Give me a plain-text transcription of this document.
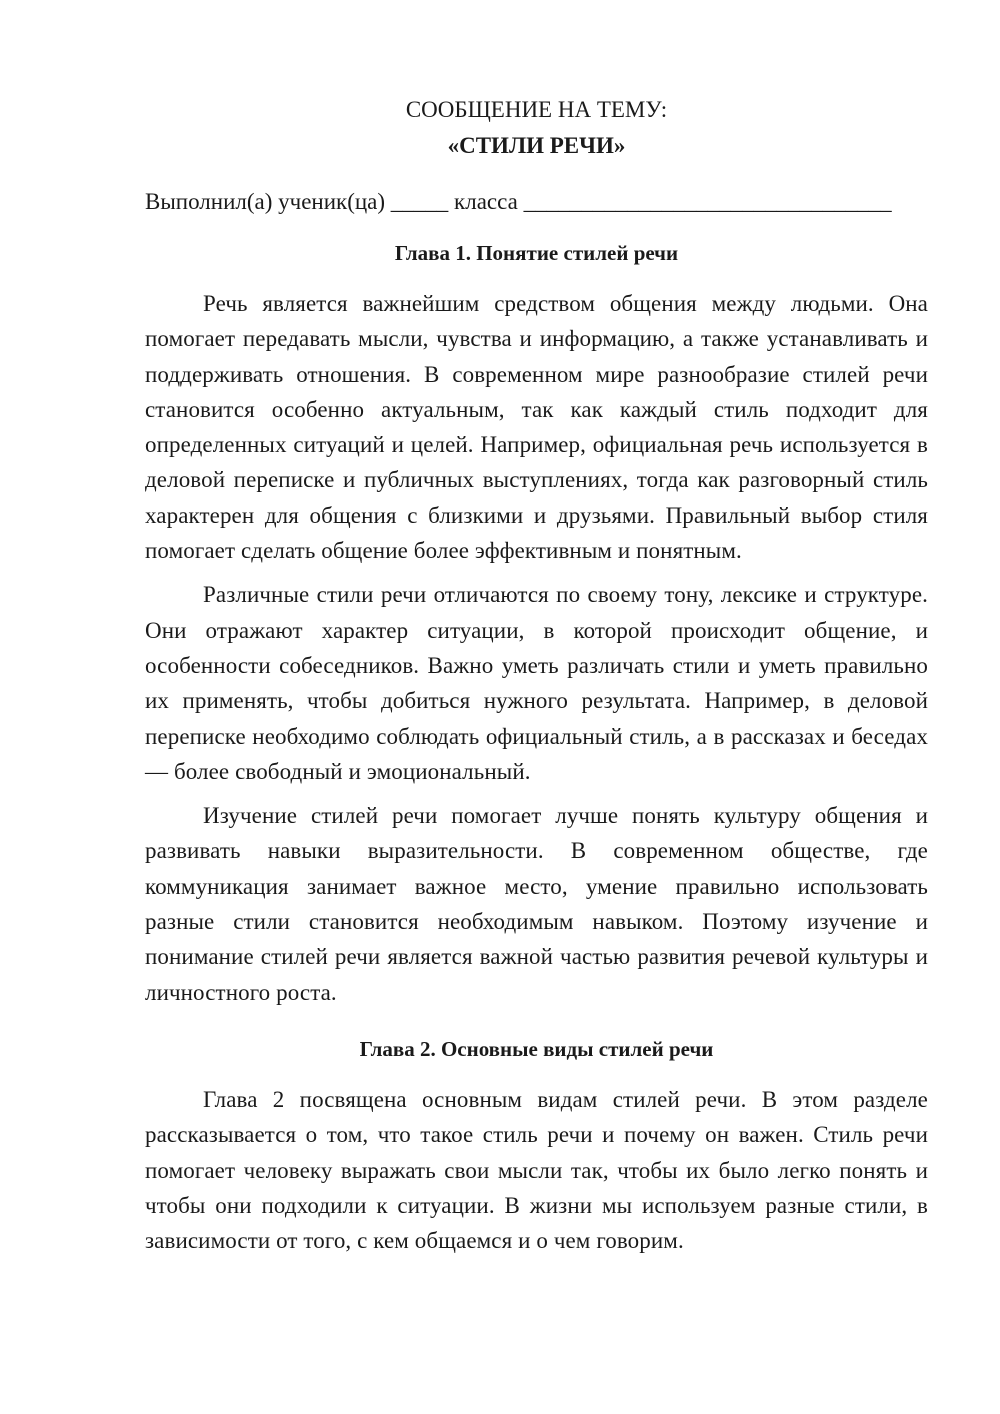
СООБЩЕНИЕ НА ТЕМУ:

«СТИЛИ РЕЧИ»

Выполнил(а) ученик(ца) _____ класса ________________________________

Глава 1. Понятие стилей речи

Речь является важнейшим средством общения между людьми. Она помогает передавать мысли, чувства и информацию, а также устанавливать и поддерживать отношения. В современном мире разнообразие стилей речи становится особенно актуальным, так как каждый стиль подходит для определенных ситуаций и целей. Например, официальная речь используется в деловой переписке и публичных выступлениях, тогда как разговорный стиль характерен для общения с близкими и друзьями. Правильный выбор стиля помогает сделать общение более эффективным и понятным.

Различные стили речи отличаются по своему тону, лексике и структуре. Они отражают характер ситуации, в которой происходит общение, и особенности собеседников. Важно уметь различать стили и уметь правильно их применять, чтобы добиться нужного результата. Например, в деловой переписке необходимо соблюдать официальный стиль, а в рассказах и беседах — более свободный и эмоциональный.

Изучение стилей речи помогает лучше понять культуру общения и развивать навыки выразительности. В современном обществе, где коммуникация занимает важное место, умение правильно использовать разные стили становится необходимым навыком. Поэтому изучение и понимание стилей речи является важной частью развития речевой культуры и личностного роста.

Глава 2. Основные виды стилей речи

Глава 2 посвящена основным видам стилей речи. В этом разделе рассказывается о том, что такое стиль речи и почему он важен. Стиль речи помогает человеку выражать свои мысли так, чтобы их было легко понять и чтобы они подходили к ситуации. В жизни мы используем разные стили, в зависимости от того, с кем общаемся и о чем говорим.
